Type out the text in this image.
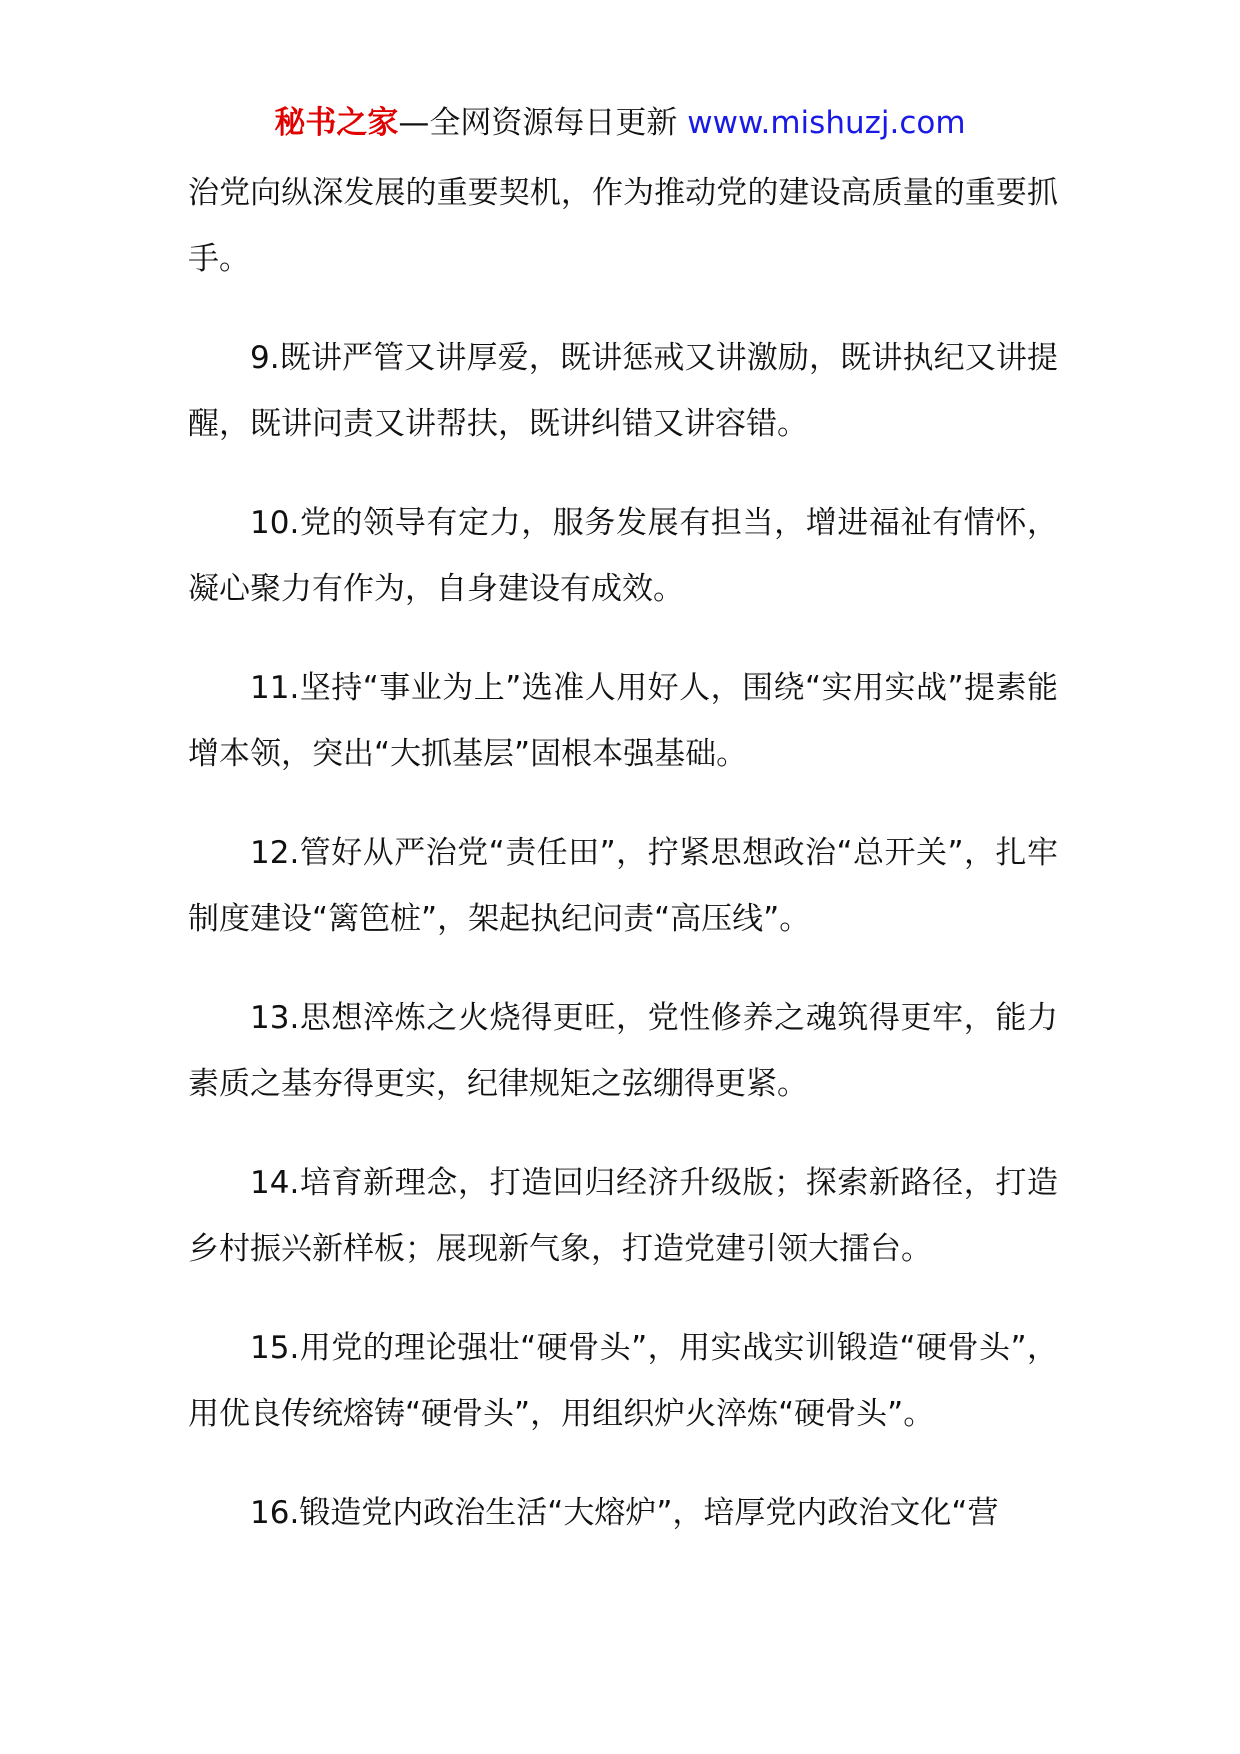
秘书之家—全网资源每日更新 www.mishuzj.com

治党向纵深发展的重要契机，作为推动党的建设高质量的重要抓手。

9.既讲严管又讲厚爱，既讲惩戒又讲激励，既讲执纪又讲提醒，既讲问责又讲帮扶，既讲纠错又讲容错。

10.党的领导有定力，服务发展有担当，增进福祉有情怀，凝心聚力有作为，自身建设有成效。

11.坚持“事业为上”选准人用好人，围绕“实用实战”提素能增本领，突出“大抓基层”固根本强基础。

12.管好从严治党“责任田”，拧紧思想政治“总开关”，扎牢制度建设“篱笆桩”，架起执纪问责“高压线”。

13.思想淬炼之火烧得更旺，党性修养之魂筑得更牢，能力素质之基夯得更实，纪律规矩之弦绷得更紧。

14.培育新理念，打造回归经济升级版；探索新路径，打造乡村振兴新样板；展现新气象，打造党建引领大擂台。

15.用党的理论强壮“硬骨头”，用实战实训锻造“硬骨头”，用优良传统熔铸“硬骨头”，用组织炉火淬炼“硬骨头”。

16.锻造党内政治生活“大熔炉”，培厚党内政治文化“营
